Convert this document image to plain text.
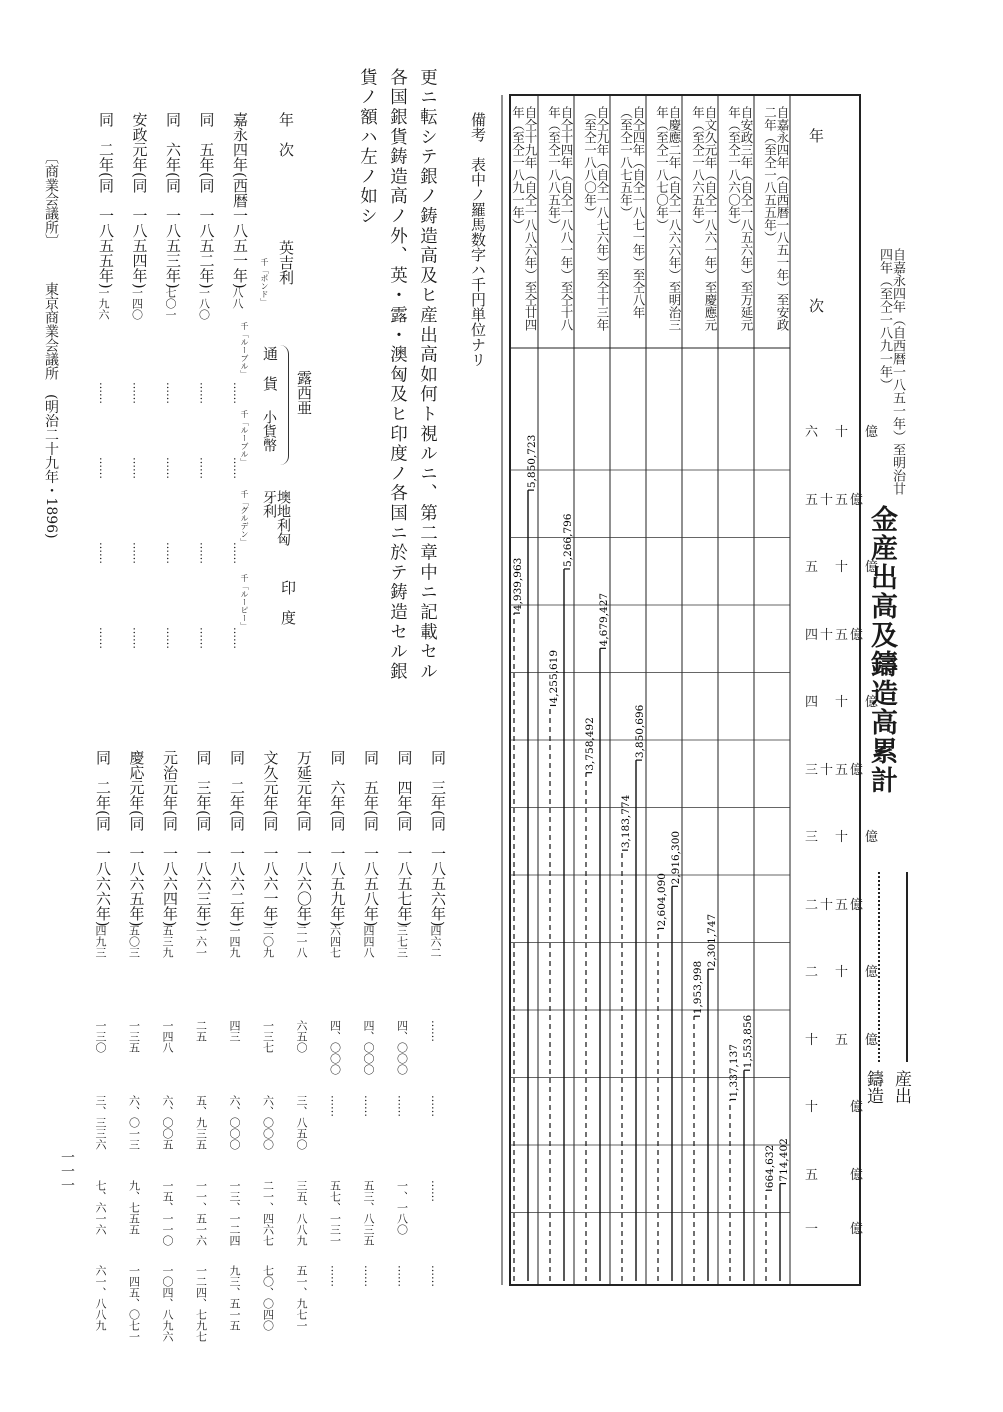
714,402
664,632
1,553,856
1,337,137
2,301,747
1,953,998
2,916,300
2,604,090
3,850,696
3,183,774
4,679,427
3,758,492
5,266,796
4,255,619
5,850,723
4,939,963	金産出高及鑄造高累計
自嘉永四年（自西暦一八五一年）至明治廿四年（至仝一八九一年）
産出
鑄造
年
次
六　十　億
五十五億
五　十　億
四十五億
四　十　億
三十五億
三　十　億
二十五億
二　十　億
十　五　億
十　　億
五　　億
一　　億
自嘉永四年（自西暦一八五一年）至安政二年（至仝一八五五年）
自安政三年（自仝一八五六年）至万延元年（至仝一八六〇年）
自文久元年（自仝一八六一年）至慶應元年（至仝一八六五年）
自慶應二年（自仝一八六六年）至明治三年（至仝一八七〇年）
自仝四年（自仝一八七一年）至仝八年（至仝一八七五年）
自仝九年（自仝一八七六年）至仝十三年（至仝一八八〇年）
自仝十四年（自仝一八八一年）至仝十八年（至仝一八八五年）
自仝十九年（自仝一八八六年）至仝廿四年（至仝一八九一年）
備考　表中ノ羅馬数字ハ千円単位ナリ
更ニ転シテ銀ノ鋳造高及ヒ産出高如何ト視ルニ、第二章中ニ記載セル
各国銀貨鋳造高ノ外、英・露・澳匈及ヒ印度ノ各国ニ於テ鋳造セル銀
貨ノ額ハ左ノ如シ
年　次
英吉利
千「ポンド」
露西亜
通　貨
千「ルーブル」
小貨幣
千「ルーブル」
墺地利匈牙利
千「グルデン」
印　度
千「ルーピー」
嘉永四年(西暦一八五一年)
八八
……
……
……
……
同　五年(同　一八五二年)
一八〇
……
……
……
……
同　六年(同　一八五三年)
七〇一
……
……
……
……
安政元年(同　一八五四年)
一四〇
……
……
……
……
同　二年(同　一八五五年)
一九六
……
……
……
……
同　三年(同　一八五六年)
四六二
……
……
……
……
同　四年(同　一八五七年)
三七三
四、〇〇〇
……
一、一八〇
……
同　五年(同　一八五八年)
四四八
四、〇〇〇
……
五三、八三五
……
同　六年(同　一八五九年)
六四七
四、〇〇〇
……
五七、一三一
……
万延元年(同　一八六〇年)
二一八
六五〇
三、八五〇
三五、八八九
五一、九七一
文久元年(同　一八六一年)
二〇九
一三七
六、〇〇〇
二一、四六七
七〇、〇四〇
同　二年(同　一八六二年)
一四九
四三
六、〇〇〇
一三、一二四
九三、五一五
同　三年(同　一八六三年)
一六一
二五
五、九三五
一一、五一六
一二四、七九七
元治元年(同　一八六四年)
五三九
一四八
六、〇〇五
一五、一一〇
一〇四、八九六
慶応元年(同　一八六五年)
五〇三
一三五
六、〇一三
九、七五五
一四五、〇七一
同　二年(同　一八六六年)
四九三
一三〇
三、三三六
七、六一六
六一、八八九
〔商業会議所〕
東京商業会議所　(明治二十九年・1896)
一一一
